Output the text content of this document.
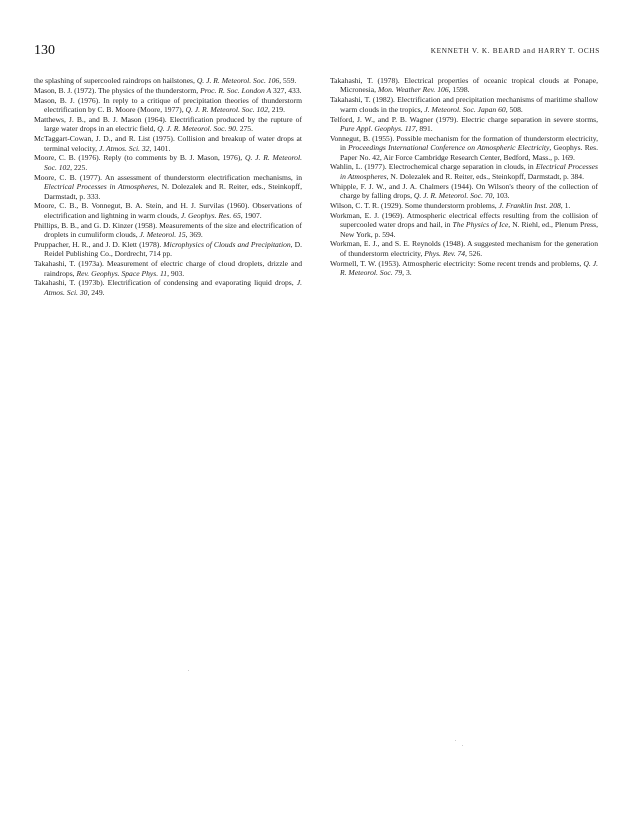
130	KENNETH V. K. BEARD and HARRY T. OCHS

the splashing of supercooled raindrops on hailstones, Q. J. R. Meteorol. Soc. 106, 559.

Mason, B. J. (1972). The physics of the thunderstorm, Proc. R. Soc. London A 327, 433.

Mason, B. J. (1976). In reply to a critique of precipitation theories of thunderstorm electrification by C. B. Moore (Moore, 1977), Q. J. R. Meteorol. Soc. 102, 219.

Matthews, J. B., and B. J. Mason (1964). Electrification produced by the rupture of large water drops in an electric field, Q. J. R. Meteorol. Soc. 90. 275.

McTaggart-Cowan, J. D., and R. List (1975). Collision and breakup of water drops at terminal velocity, J. Atmos. Sci. 32, 1401.

Moore, C. B. (1976). Reply (to comments by B. J. Mason, 1976), Q. J. R. Meteorol. Soc. 102, 225.

Moore, C. B. (1977). An assessment of thunderstorm electrification mechanisms, in Electrical Processes in Atmospheres, N. Dolezalek and R. Reiter, eds., Steinkopff, Darmstadt, p. 333.

Moore, C. B., B. Vonnegut, B. A. Stein, and H. J. Survilas (1960). Observations of electrification and lightning in warm clouds, J. Geophys. Res. 65, 1907.

Phillips, B. B., and G. D. Kinzer (1958). Measurements of the size and electrification of droplets in cumuliform clouds, J. Meteorol. 15, 369.

Pruppacher, H. R., and J. D. Klett (1978). Microphysics of Clouds and Precipitation, D. Reidel Publishing Co., Dordrecht, 714 pp.

Takahashi, T. (1973a). Measurement of electric charge of cloud droplets, drizzle and raindrops, Rev. Geophys. Space Phys. 11, 903.

Takahashi, T. (1973b). Electrification of condensing and evaporating liquid drops, J. Atmos. Sci. 30, 249.

Takahashi, T. (1978). Electrical properties of oceanic tropical clouds at Ponape, Micronesia, Mon. Weather Rev. 106, 1598.

Takahashi, T. (1982). Electrification and precipitation mechanisms of maritime shallow warm clouds in the tropics, J. Meteorol. Soc. Japan 60, 508.

Telford, J. W., and P. B. Wagner (1979). Electric charge separation in severe storms, Pure Appl. Geophys. 117, 891.

Vonnegut, B. (1955). Possible mechanism for the formation of thunderstorm electricity, in Proceedings International Conference on Atmospheric Electricity, Geophys. Res. Paper No. 42, Air Force Cambridge Research Center, Bedford, Mass., p. 169.

Wahlin, L. (1977). Electrochemical charge separation in clouds, in Electrical Processes in Atmospheres, N. Dolezalek and R. Reiter, eds., Steinkopff, Darmstadt, p. 384.

Whipple, F. J. W., and J. A. Chalmers (1944). On Wilson's theory of the collection of charge by falling drops, Q. J. R. Meteorol. Soc. 70, 103.

Wilson, C. T. R. (1929). Some thunderstorm problems, J. Franklin Inst. 208, 1.

Workman, E. J. (1969). Atmospheric electrical effects resulting from the collision of supercooled water drops and hail, in The Physics of Ice, N. Riehl, ed., Plenum Press, New York, p. 594.

Workman, E. J., and S. E. Reynolds (1948). A suggested mechanism for the generation of thunderstorm electricity, Phys. Rev. 74, 526.

Wormell, T. W. (1953). Atmospheric electricity: Some recent trends and problems, Q. J. R. Meteorol. Soc. 79, 3.
